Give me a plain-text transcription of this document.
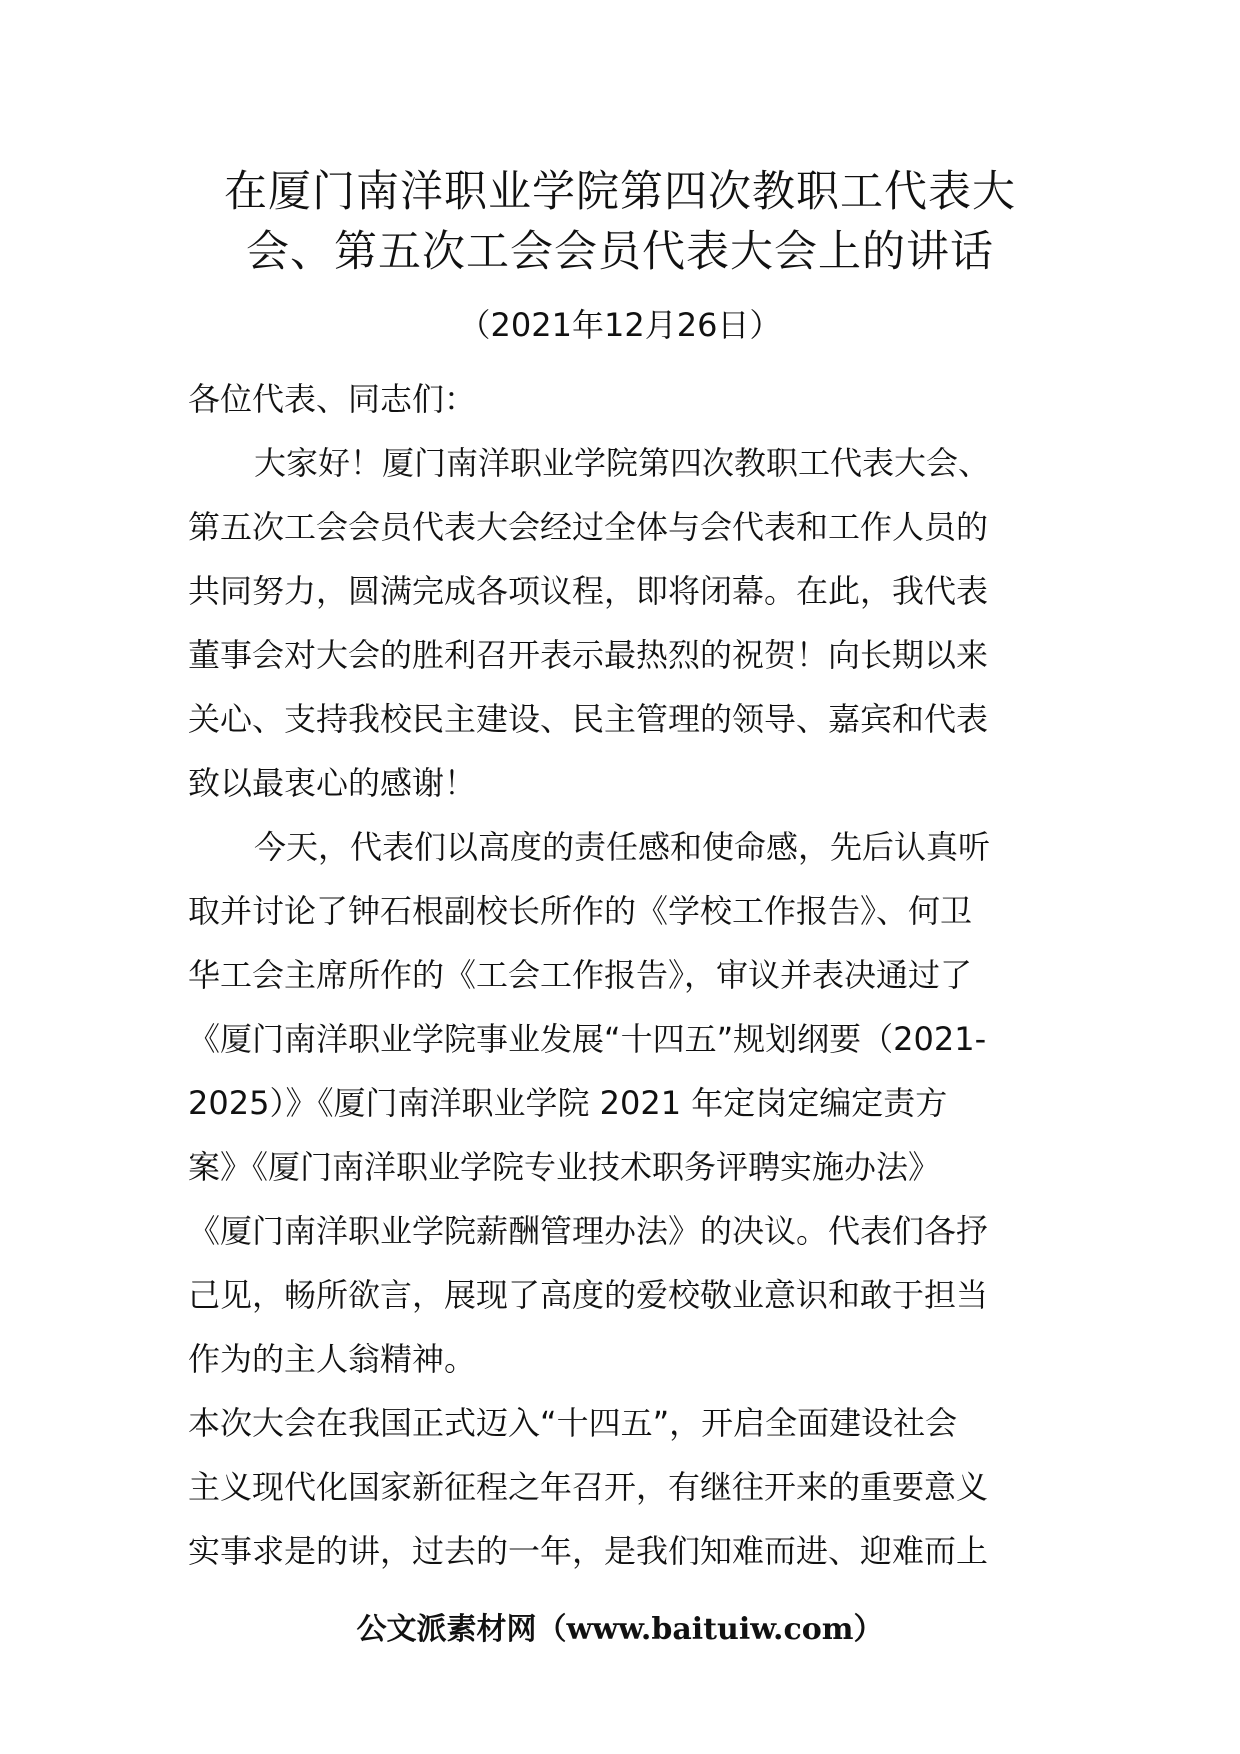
在厦门南洋职业学院第四次教职工代表大
会、第五次工会会员代表大会上的讲话
（2021年12月26日）
各位代表、同志们：
大家好！厦门南洋职业学院第四次教职工代表大会、
第五次工会会员代表大会经过全体与会代表和工作人员的
共同努力，圆满完成各项议程，即将闭幕。在此，我代表
董事会对大会的胜利召开表示最热烈的祝贺！向长期以来
关心、支持我校民主建设、民主管理的领导、嘉宾和代表
致以最衷心的感谢！
今天，代表们以高度的责任感和使命感，先后认真听
取并讨论了钟石根副校长所作的《学校工作报告》、何卫
华工会主席所作的《工会工作报告》，审议并表决通过了
《厦门南洋职业学院事业发展“十四五”规划纲要（2021-
2025）》《厦门南洋职业学院 2021 年定岗定编定责方
案》《厦门南洋职业学院专业技术职务评聘实施办法》
《厦门南洋职业学院薪酬管理办法》的决议。代表们各抒
己见，畅所欲言，展现了高度的爱校敬业意识和敢于担当
作为的主人翁精神。
本次大会在我国正式迈入“十四五”，开启全面建设社会
主义现代化国家新征程之年召开，有继往开来的重要意义
实事求是的讲，过去的一年，是我们知难而进、迎难而上
公文派素材网（www.baituiw.com）
